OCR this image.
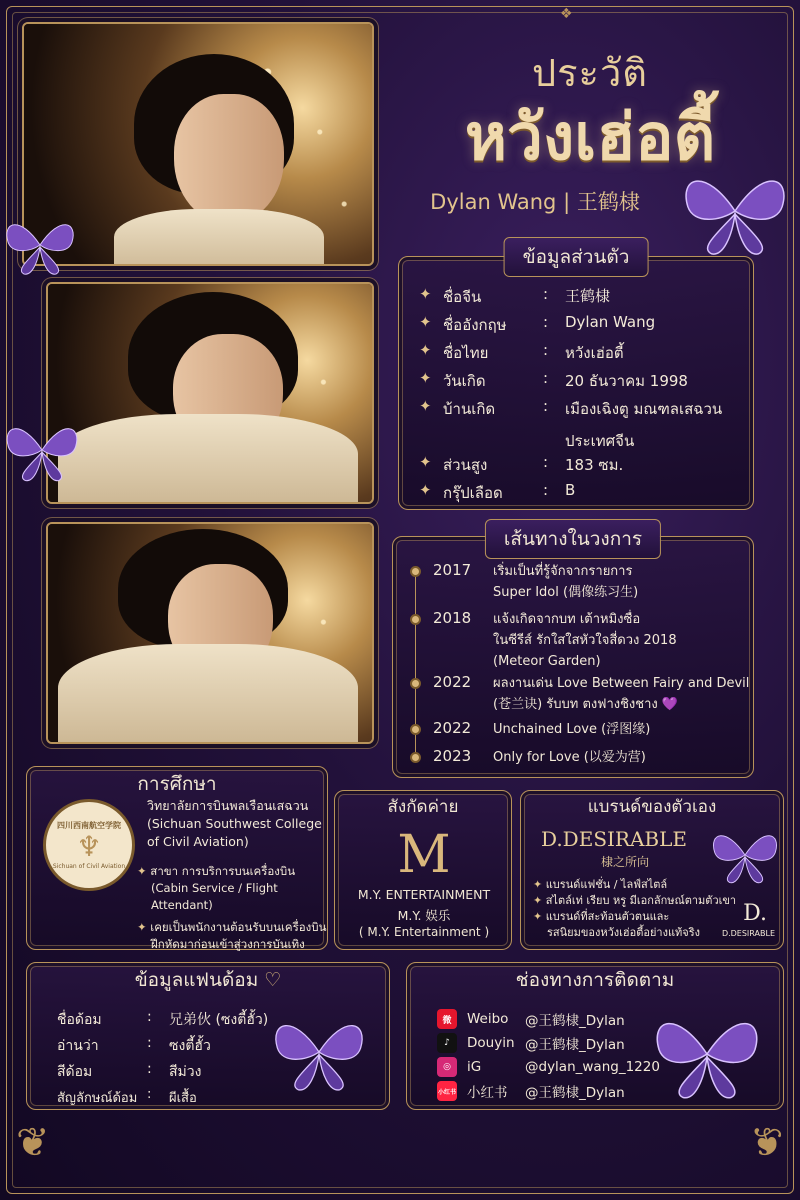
ประวัติ
หวังเฮ่อตี้
Dylan Wang | 王鹤棣
ข้อมูลส่วนตัว
✦ ชื่อจีน	:	王鹤棣
✦ ชื่ออังกฤษ	:	Dylan Wang
✦ ชื่อไทย	:	หวังเฮ่อตี้
✦ วันเกิด	:	20 ธันวาคม 1998
✦ บ้านเกิด	:	เมืองเฉิงตู มณฑลเสฉวน
ประเทศจีน
✦ ส่วนสูง	:	183 ซม.
✦ กรุ๊ปเลือด	:	B
เส้นทางในวงการ
2017 เริ่มเป็นที่รู้จักจากรายการ
Super Idol (偶像练习生)
2018 แจ้งเกิดจากบท เต้าหมิงซื่อ
ในซีรีส์ รักใสใสหัวใจสี่ดวง 2018
(Meteor Garden)
2022 ผลงานเด่น Love Between Fairy and Devil
(苍兰诀) รับบท ตงฟางชิงชาง 💜
2022 Unchained Love (浮图缘)
2023 Only for Love (以爱为营)
การศึกษา
四川西南航空学院
♆
Sichuan of Civil Aviation
วิทยาลัยการบินพลเรือนเสฉวน
(Sichuan Southwest College
of Civil Aviation)
✦ สาขา การบริการบนเครื่องบิน
(Cabin Service / Flight Attendant)
✦ เคยเป็นพนักงานต้อนรับบนเครื่องบิน
ฝึกหัดมาก่อนเข้าสู่วงการบันเทิง
สังกัดค่าย
M
M.Y. ENTERTAINMENT
M.Y. 娱乐
( M.Y. Entertainment )
แบรนด์ของตัวเอง
D.DESIRABLE
棣之所向
✦ แบรนด์แฟชั่น / ไลฟ์สไตล์
✦ สไตล์เท่ เรียบ หรู มีเอกลักษณ์ตามตัวเขา
✦ แบรนด์ที่สะท้อนตัวตนและ
รสนิยมของหวังเฮ่อตี้อย่างแท้จริง
D.
D.DESIRABLE
ข้อมูลแฟนด้อม ♡
ชื่อด้อม	:	兄弟伙 (ซงตี้ฮั้ว)
อ่านว่า	:	ซงตี้ฮั้ว
สีด้อม	:	สีม่วง
สัญลักษณ์ด้อม :	ผีเสื้อ
ช่องทางการติดตาม
微	Weibo	@王鹤棣_Dylan
♪	Douyin @王鹤棣_Dylan
◎	iG	@dylan_wang_1220
小红书 小红书	@王鹤棣_Dylan
❦	❦
❖
